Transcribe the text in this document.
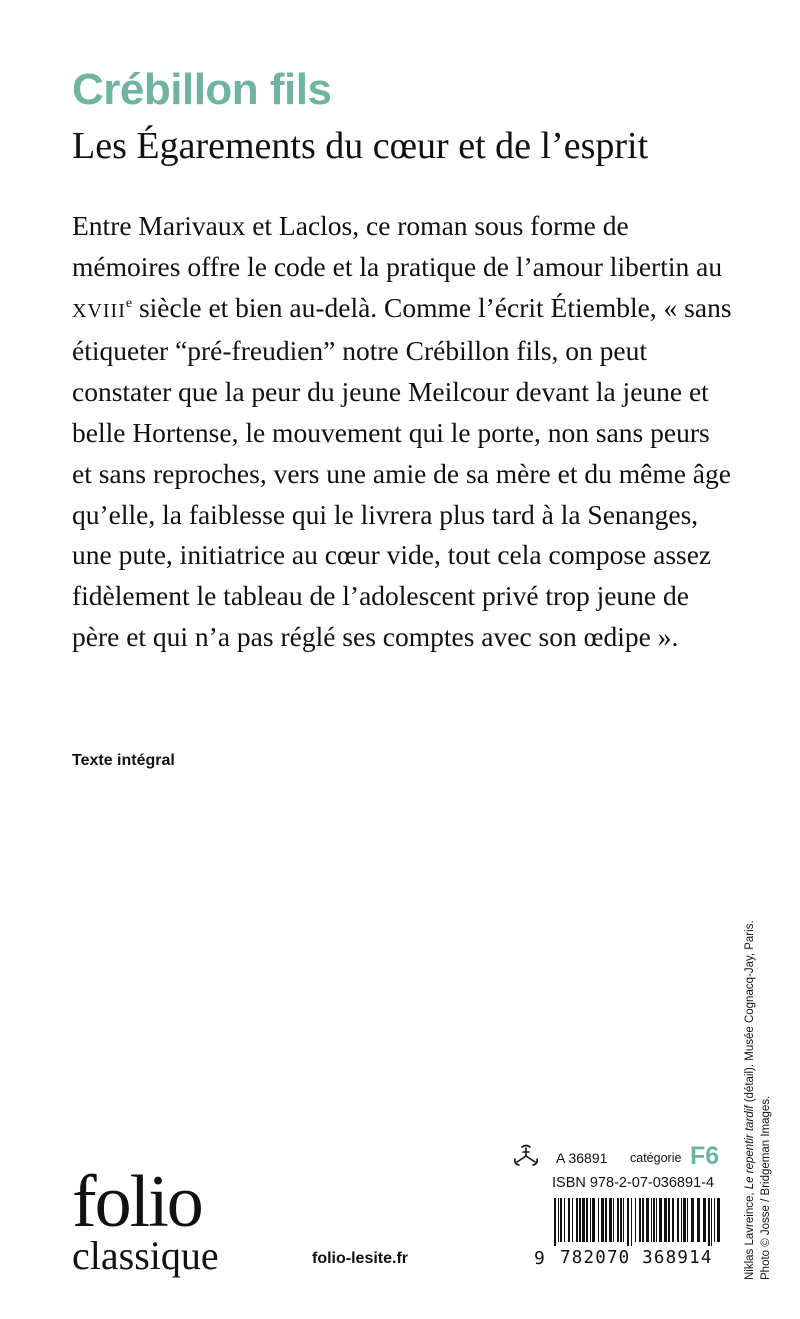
Crébillon fils
Les Égarements du cœur et de l’esprit

Entre Marivaux et Laclos, ce roman sous forme de mémoires offre le code et la pratique de l’amour libertin au XVIIIe siècle et bien au-delà. Comme l’écrit Étiemble, « sans étiqueter “pré-freudien” notre Crébillon fils, on peut constater que la peur du jeune Meilcour devant la jeune et belle Hortense, le mouvement qui le porte, non sans peurs et sans reproches, vers une amie de sa mère et du même âge qu’elle, la faiblesse qui le livrera plus tard à la Senanges, une pute, initiatrice au cœur vide, tout cela compose assez fidèlement le tableau de l’adolescent privé trop jeune de père et qui n’a pas réglé ses comptes avec son œdipe ».

Texte intégral
Niklas Lavreince, Le repentir tardif (détail). Musée Cognacq-Jay, Paris.
Photo © Josse / Bridgeman Images.
folio
classique	folio-lesite.fr
A 36891 catégorie F6
ISBN 978-2-07-036891-4
9 782070 368914
